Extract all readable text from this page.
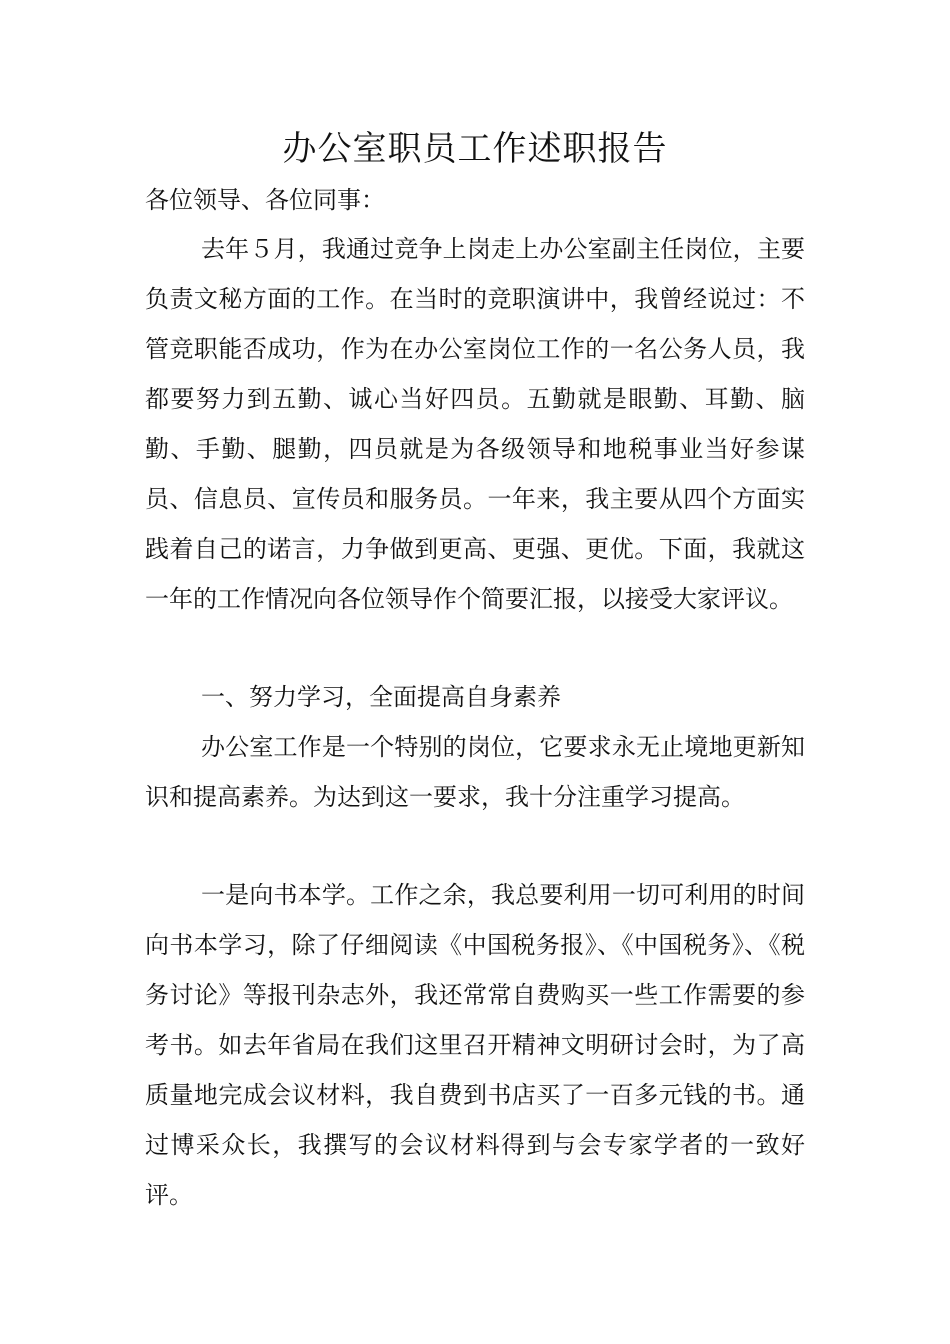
办公室职员工作述职报告
各位领导、各位同事：

去年５月，我通过竞争上岗走上办公室副主任岗位，主要负责文秘方面的工作。在当时的竞职演讲中，我曾经说过：不管竞职能否成功，作为在办公室岗位工作的一名公务人员，我都要努力到五勤、诚心当好四员。五勤就是眼勤、耳勤、脑勤、手勤、腿勤，四员就是为各级领导和地税事业当好参谋员、信息员、宣传员和服务员。一年来，我主要从四个方面实践着自己的诺言，力争做到更高、更强、更优。下面，我就这一年的工作情况向各位领导作个简要汇报，以接受大家评议。

一、努力学习，全面提高自身素养

办公室工作是一个特别的岗位，它要求永无止境地更新知识和提高素养。为达到这一要求，我十分注重学习提高。

一是向书本学。工作之余，我总要利用一切可利用的时间向书本学习，除了仔细阅读《中国税务报》、《中国税务》、《税务讨论》等报刊杂志外，我还常常自费购买一些工作需要的参考书。如去年省局在我们这里召开精神文明研讨会时，为了高质量地完成会议材料，我自费到书店买了一百多元钱的书。通过博采众长，我撰写的会议材料得到与会专家学者的一致好评。
